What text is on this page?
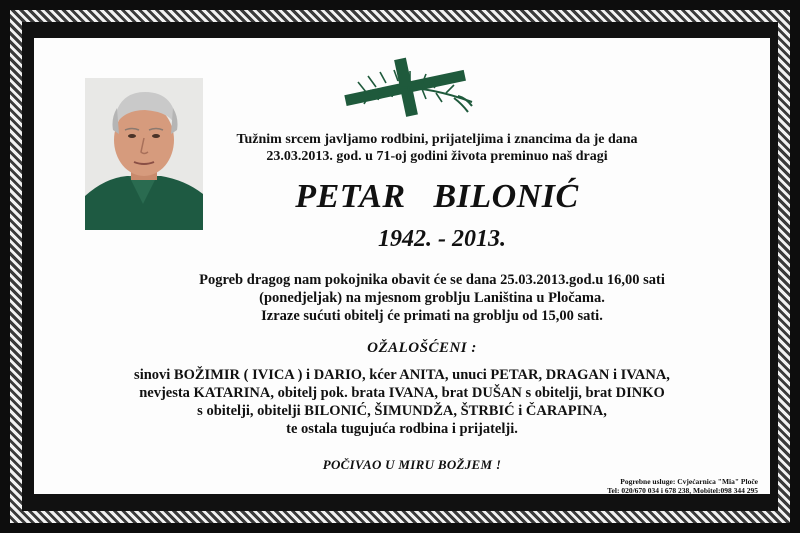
Tužnim srcem javljamo rodbini, prijateljima i znancima da je dana
23.03.2013. god. u 71-oj godini života preminuo naš dragi
PETAR BILONIĆ
1942. - 2013.
Pogreb dragog nam pokojnika obavit će se dana 25.03.2013.god.u 16,00 sati
(ponedjeljak) na mjesnom groblju Laniština u Pločama.
Izraze sućuti obitelj će primati na groblju od 15,00 sati.
OŽALOŠĆENI :
sinovi BOŽIMIR ( IVICA ) i DARIO, kćer ANITA, unuci PETAR, DRAGAN i IVANA,
nevjesta KATARINA, obitelj pok. brata IVANA, brat DUŠAN s obitelji, brat DINKO
s obitelji, obitelji BILONIĆ, ŠIMUNDŽA, ŠTRBIĆ i ČARAPINA,
te ostala tugujuća rodbina i prijatelji.
POČIVAO U MIRU BOŽJEM !
Pogrebne usluge: Cvjećarnica "Mia" Ploče
Tel: 020/670 034 i 678 238, Mobitel:098 344 295
